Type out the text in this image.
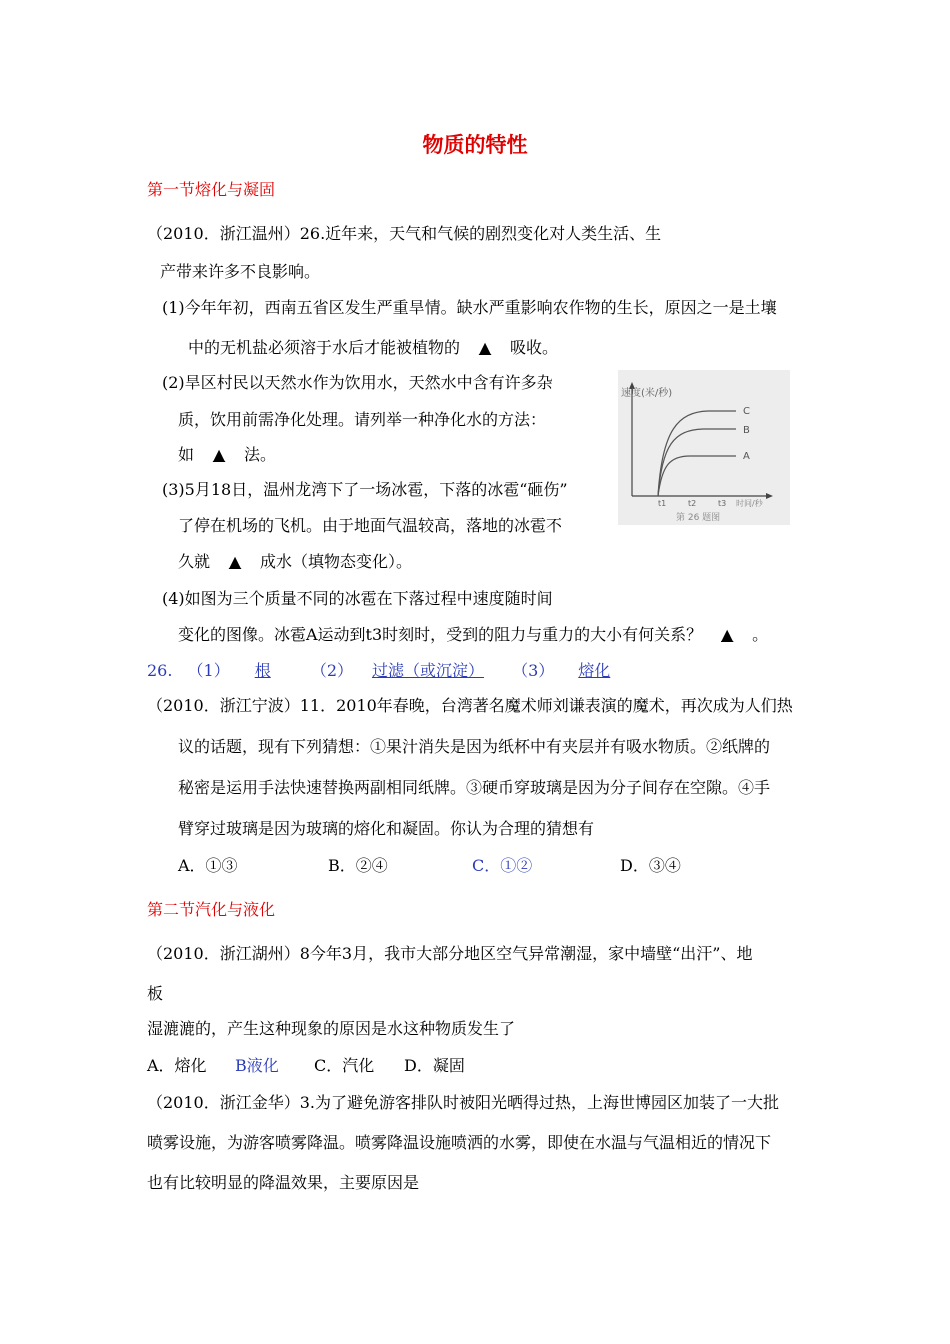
物质的特性
第一节熔化与凝固
（2010．浙江温州）26.近年来，天气和气候的剧烈变化对人类生活、生
产带来许多不良影响。
(1)今年年初，西南五省区发生严重旱情。缺水严重影响农作物的生长，原因之一是土壤
中的无机盐必须溶于水后才能被植物的 ▲ 吸收。
(2)旱区村民以天然水作为饮用水，天然水中含有许多杂
质，饮用前需净化处理。请列举一种净化水的方法：
如 ▲ 法。
(3)5月18日，温州龙湾下了一场冰雹，下落的冰雹“砸伤”
了停在机场的飞机。由于地面气温较高，落地的冰雹不
久就 ▲ 成水（填物态变化）。
(4)如图为三个质量不同的冰雹在下落过程中速度随时间
变化的图像。冰雹A运动到t3时刻时，受到的阻力与重力的大小有何关系？ ▲ 。
速度(米/秒)
C
B
A
t1	t2	t3 时间/秒
第 26 题图
26. （1） 根	（2） 过滤（或沉淀） （3） 熔化
（2010．浙江宁波）11．2010年春晚，台湾著名魔术师刘谦表演的魔术，再次成为人们热
议的话题，现有下列猜想：①果汁消失是因为纸杯中有夹层并有吸水物质。②纸牌的
秘密是运用手法快速替换两副相同纸牌。③硬币穿玻璃是因为分子间存在空隙。④手
臂穿过玻璃是因为玻璃的熔化和凝固。你认为合理的猜想有
A．①③	B．②④	C．①②	D．③④
第二节汽化与液化
（2010．浙江湖州）8今年3月，我市大部分地区空气异常潮湿，家中墙壁“出汗”、地
板
湿漉漉的，产生这种现象的原因是水这种物质发生了
A．熔化 B液化 C．汽化 D．凝固
（2010．浙江金华）3.为了避免游客排队时被阳光晒得过热，上海世博园区加装了一大批
喷雾设施，为游客喷雾降温。喷雾降温设施喷洒的水雾，即使在水温与气温相近的情况下
也有比较明显的降温效果，主要原因是
